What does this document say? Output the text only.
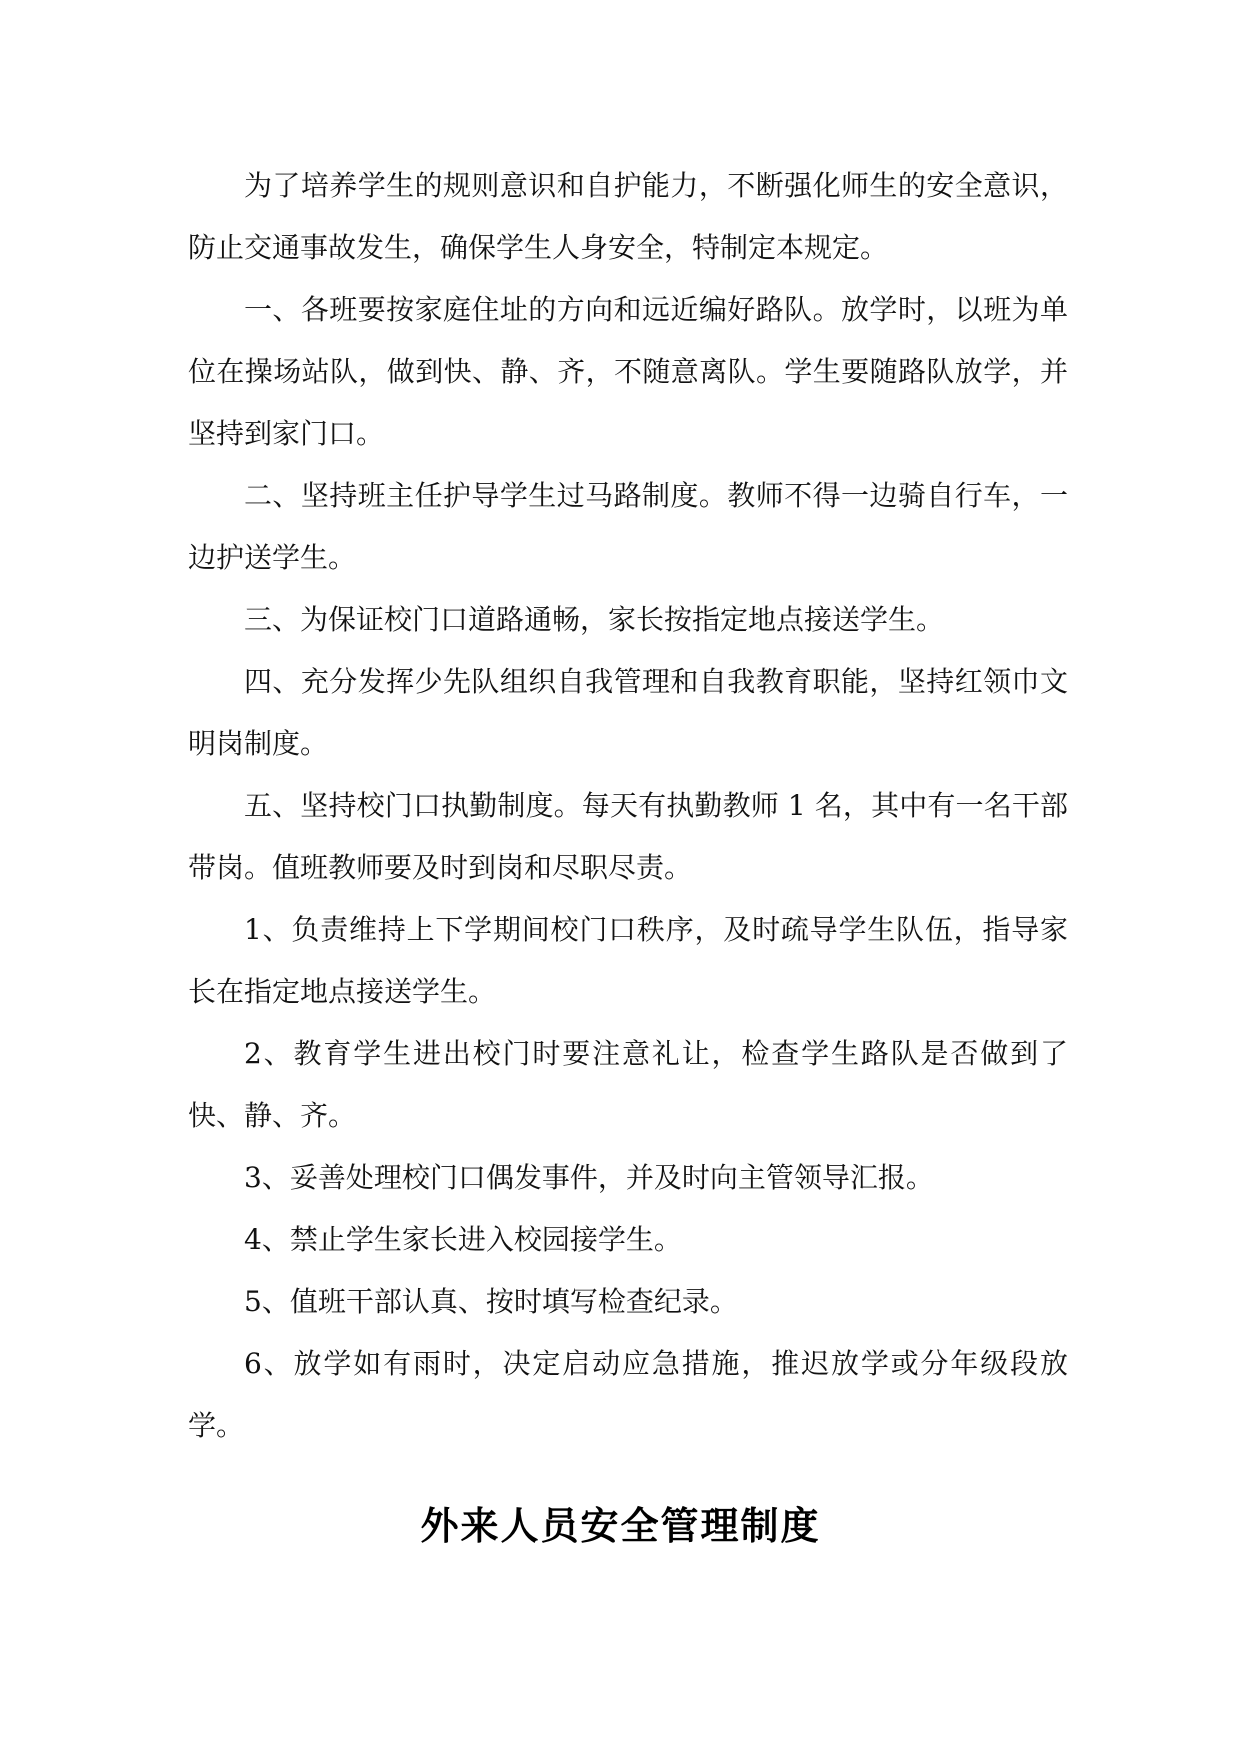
为了培养学生的规则意识和自护能力，不断强化师生的安全意识，防止交通事故发生，确保学生人身安全，特制定本规定。

一、各班要按家庭住址的方向和远近编好路队。放学时，以班为单位在操场站队，做到快、静、齐，不随意离队。学生要随路队放学，并坚持到家门口。

二、坚持班主任护导学生过马路制度。教师不得一边骑自行车，一边护送学生。

三、为保证校门口道路通畅，家长按指定地点接送学生。

四、充分发挥少先队组织自我管理和自我教育职能，坚持红领巾文明岗制度。

五、坚持校门口执勤制度。每天有执勤教师 1 名，其中有一名干部带岗。值班教师要及时到岗和尽职尽责。

1、负责维持上下学期间校门口秩序，及时疏导学生队伍，指导家长在指定地点接送学生。

2、教育学生进出校门时要注意礼让，检查学生路队是否做到了快、静、齐。

3、妥善处理校门口偶发事件，并及时向主管领导汇报。

4、禁止学生家长进入校园接学生。

5、值班干部认真、按时填写检查纪录。

6、放学如有雨时，决定启动应急措施，推迟放学或分年级段放学。

外来人员安全管理制度
